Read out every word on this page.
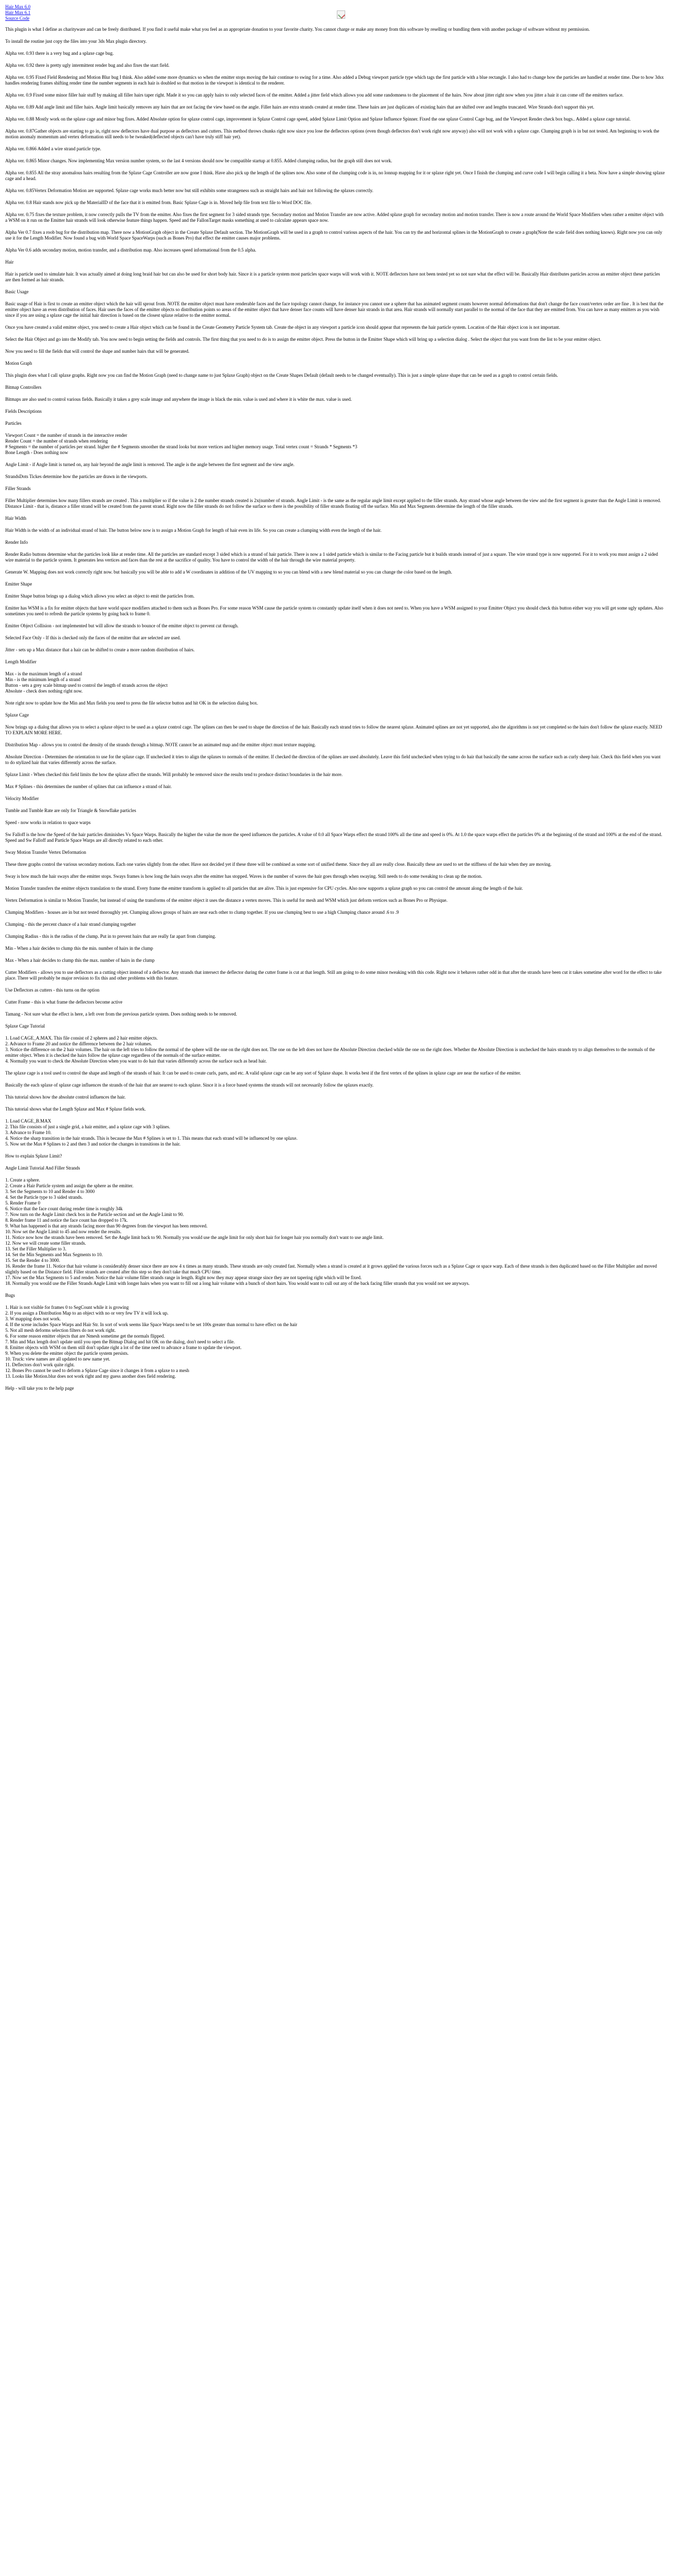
Hair Max 6.0
Hair Max 6.1
Source Code

This plugin is what I define as charityware and can be freely distributed. If you find it useful make what you feel as an appropriate donation to your favorite charity. You cannot charge or make any money from this software by reselling or bundling them with another package of software without my permission.

To install the routine just copy the files into your 3ds Max plugin directory.

Alpha ver. 0.93 there is a very bug and a splaxe cage bug.

Alpha ver. 0.92 there is pretty ugly intermittent render bug and also fixes the start field.

Alpha ver. 0.95 Fixed Field Rendering and Motion Blur bug I think. Also added some more dynamics so when the emitter stops moving the hair continue to swing for a time. Also added a Debug viewport particle type which tags the first particle with a blue rectangle. I also had to change how the particles are handled at render time. Due to how 3dsx handles rendering frames shifting render time the number segments in each hair is doubled so that motion in the viewport is identical to the renderer.

Alpha ver. 0.9 Fixed some minor filler hair stuff by making all filler hairs taper right. Made it so you can apply hairs to only selected faces of the emitter. Added a jitter field which allows you add some randomness to the placement of the hairs. Now about jitter right now when you jitter a hair it can come off the emitters surface.

Alpha ver. 0.89 Add angle limit and filler hairs. Angle limit basically removes any hairs that are not facing the view based on the angle. Filler hairs are extra strands created at render time. These hairs are just duplicates of existing hairs that are shifted over and lengths truncated. Wire Strands don't support this yet.

Alpha ver. 0.88 Mostly work on the splaxe cage and minor bug fixes. Added Absolute option for splaxe control cage, improvement in Splaxe Control cage speed, added Splaxe Limit Option and Splaxe Influence Spinner. Fixed the one splaxe Control Cage bug, and the Viewport Render check box bugs.. Added a splaxe cage tutorial.

Alpha ver. 0.87Gather objects are starting to go in, right now deflectors have dual purpose as deflectors and cutters. This method throws chunks right now since you lose the deflectors options (even though deflectors don't work right now anyway) also will not work with a splaxe cage. Clumping graph is in but not tested. Am beginning to work the motion anomaly momentum and vertex deformation still needs to be tweaked(deflected objects can't have truly stiff hair yet).

Alpha ver. 0.866 Added a wire strand particle type.

Alpha ver. 0.865 Minor changes. Now implementing Max version number system, so the last 4 versions should now be compatible startup at 0.855. Added clumping radius, but the graph still does not work.

Alpha ver. 0.855 All the stray anomalous hairs resulting from the Splaxe Cage Controller are now gone I think. Have also pick up the length of the splines now. Also some of the clumping code is in, no lonnup mapping for it or splaxe right yet. Once I finish the clumping and curve code I will begin calling it a beta. Now have a simple showing splaxe cage and a head.

Alpha ver. 0.85Vertex Deformation Motion are supported. Splaxe cage works much better now but still exhibits some strangeness such as straight hairs and hair not following the splaxes correctly.

Alpha ver. 0.8 Hair stands now pick up the MaterialID of the face that it is emitted from. Basic Splaxe Cage is in. Moved help file from text file to Word DOC file.

Alpha ver. 0.75 fixes the texture problem, it now correctly pulls the TV from the emitter. Also fixes the first segment for 3 sided strands type. Secondary motion and Motion Transfer are now active. Added splaxe graph for secondary motion and motion transfer. There is now a route around the World Space Modifiers when rather a emitter object with a WSM on it run on the Emitter hair strands will look otherwise feature things happen. Speed and the FallonTarget masks something at used to calculate appears space now.

Alpha Ver 0.7 fixes a roob bug for the distribution map. There now a MotionGraph object in the Create Splaxe Default section. The MotionGraph will be used in a graph to control various aspects of the hair. You can try the and horizontal splines in the MotionGraph to create a graph(Note the scale field does nothing knows). Right now you can only use it for the Length Modifier. Now found a bug with World Space SpaceWarps (such as Bones Pro) that effect the emitter causes major problems.

Alpha Ver 0.6 adds secondary motion, motion transfer, and a distribution map. Also increases speed informational from the 0.5 alpha.

Hair

Hair is particle used to simulate hair. It was actually aimed at doing long braid hair but can also be used for short body hair. Since it is a particle system most particles space warps will work with it. NOTE deflectors have not been tested yet so not sure what the effect will be. Basically Hair distributes particles across an emitter object these particles are then formed as hair strands.

Basic Usage

Basic usage of Hair is first to create an emitter object which the hair will sprout from. NOTE the emitter object must have renderable faces and the face topology cannot change, for instance you cannot use a sphere that has animated segment counts however normal deformations that don't change the face count/vertex order are fine . It is best that the emitter object have an even distribution of faces. Hair uses the faces of the emitter objects so distribution points so areas of the emitter object that have denser face counts will have denser hair strands in that area. Hair strands will normally start parallel to the normal of the face that they are emitted from. You can have as many emitters as you wish since if you are using a splaxe cage the initial hair direction is based on the closest splaxe relative to the emitter normal.

Once you have created a valid emitter object, you need to create a Hair object which can be found in the Create Geometry Particle System tab. Create the object in any viewport a particle icon should appear that represents the hair particle system. Location of the Hair object icon is not important.

Select the Hair Object and go into the Modify tab. You now need to begin setting the fields and controls. The first thing that you need to do is to assign the emitter object. Press the button in the Emitter Shape which will bring up a selection dialog . Select the object that you want from the list to be your emitter object.

Now you need to fill the fields that will control the shape and number hairs that will be generated.

Motion Graph

This plugin does what I call splaxe graphs. Right now you can find the Motion Graph (need to change name to just Splaxe Graph) object on the Create Shapes Default (default needs to be changed eventually). This is just a simple splaxe shape that can be used as a graph to control certain fields.

Bitmap Controllers

Bitmaps are also used to control various fields. Basically it takes a grey scale image and anywhere the image is black the min. value is used and where it is white the max. value is used.

Fields Descriptions
Particles

Viewport Count = the number of strands in the interactive render
Render Count = the number of strands when rendering
# Segments = the number of particles per strand. higher the # Segments smoother the strand looks but more vertices and higher memory usage. Total vertex count = Strands * Segments *3
Bone Length - Does nothing now

Angle Limit - if Angle limit is turned on, any hair beyond the angle limit is removed. The angle is the angle between the first segment and the view angle.

StrandsDots Tickes determine how the particles are drawn in the viewports.

Filler Strands

Filler Multiplier determines how many fillers strands are created . This a multiplier so if the value is 2 the number strands created is 2x(number of strands. Angle Limit - is the same as the regular angle limit except applied to the filler strands. Any strand whose angle between the view and the first segment is greater than the Angle Limit is removed. Distance Limit - that is, distance a filler strand will be created from the parent strand. Right now the filler strands do not follow the surface so there is the possibility of filler strands floating off the surface. Min and Max Segments determine the length of the filler strands.

Hair Width

Hair Width is the width of an individual strand of hair. The button below now is to assign a Motion Graph for length of hair even its life. So you can create a clumping width even the length of the hair.

Render Info

Render Radio buttons determine what the particles look like at render time. All the particles are standard except 3 sided which is a strand of hair particle. There is now a 1 sided particle which is similar to the Facing particle but it builds strands instead of just a square. The wire strand type is now supported. For it to work you must assign a 2 sided wire material to the particle system. It generates less vertices and faces than the rest at the sacrifice of quality. You have to control the width of the hair through the wire material property.

Generate W. Mapping does not work correctly right now. but basically you will be able to add a W coordinates in addition of the UV mapping to so you can blend with a new blend material so you can change the color based on the length.

Emitter Shape

Emitter Shape button brings up a dialog which allows you select an object to emit the particles from.

Emitter has WSM is a fix for emitter objects that have world space modifiers attached to them such as Bones Pro. For some reason WSM cause the particle system to constantly update itself when it does not need to. When you have a WSM assigned to your Emitter Object you should check this button either way you will get some ugly updates. Also sometimes you need to refresh the particle systems by going back to frame 0.

Emitter Object Collision - not implemented but will allow the strands to bounce of the emitter object to prevent cut through.

Selected Face Only - If this is checked only the faces of the emitter that are selected are used.

Jitter - sets up a Max distance that a hair can be shifted to create a more random distribution of hairs.

Length Modifier

Max - is the maximum length of a strand
Min - is the minimum length of a strand
Button - sets a grey scale bitmap used to control the length of strands across the object
Absolute - check does nothing right now.

Note right now to update how the Min and Max fields you need to press the file selector button and hit OK in the selection dialog box.

Splaxe Cage

Now brings up a dialog that allows you to select a splaxe object to be used as a splaxe control cage. The splines can then be used to shape the direction of the hair. Basically each strand tries to follow the nearest splaxe. Animated splines are not yet supported, also the algorithms is not yet completed so the hairs don't follow the splaxe exactly. NEED TO EXPLAIN MORE HERE.

Distribution Map - allows you to control the density of the strands through a bitmap. NOTE cannot be an animated map and the emitter object must texture mapping.

Absolute Direction - Determines the orientation to use for the splaxe cage. If unchecked it tries to align the splaxes to normals of the emitter. If checked the direction of the splines are used absolutely. Leave this field unchecked when trying to do hair that basically the same across the surface such as curly sheep hair. Check this field when you want to do stylized hair that varies differently across the surface.

Splaxe Limit - When checked this field limits the how the splaxe affect the strands. Will probably be removed since the results tend to produce distinct boundaries in the hair more.

Max # Splines - this determines the number of splines that can influence a strand of hair.

Velocity Modifier

Tumble and Tumble Rate are only for Triangle & Snowflake particles

Speed - now works in relation to space warps

Sw Falloff is the how the Speed of the hair particles diminishes Vs Space Warps. Basically the higher the value the more the speed influences the particles. A value of 0.0 all Space Warps effect the strand 100% all the time and speed is 0%. At 1.0 the space warps effect the particles 0% at the beginning of the strand and 100% at the end of the strand. Speed and Sw Falloff and Particle Space Warps are all directly related to each other.

Sway Motion Transfer Vertex Deformation

These three graphs control the various secondary motions. Each one varies slightly from the other. Have not decided yet if these three will be combined as some sort of unified theme. Since they all are really close. Basically these are used to set the stiffness of the hair when they are moving.

Sway is how much the hair sways after the emitter stops. Sways frames is how long the hairs sways after the emitter has stopped. Waves is the number of waves the hair goes through when swaying. Still needs to do some tweaking to clean up the motion.

Motion Transfer transfers the emitter objects translation to the strand. Every frame the emitter transform is applied to all particles that are alive. This is just expensive for CPU cycles. Also now supports a splaxe graph so you can control the amount along the length of the hair.

Vertex Deformation is similar to Motion Transfer, but instead of using the transforms of the emitter object it uses the distance a vertex moves. This is useful for mesh and WSM which just deform vertices such as Bones Pro or Physique.

Clumping Modifiers - houses are in but not tested thoroughly yet. Clumping allows groups of hairs are near each other to clump together. If you use clumping best to use a high Clumping chance around .6 to .9

Clumping - this the percent chance of a hair strand clumping together

Clumping Radius - this is the radius of the clump. Put in to prevent hairs that are really far apart from clumping.

Min - When a hair decides to clump this the min. number of hairs in the clump

Max - When a hair decides to clump this the max. number of hairs in the clump

Cutter Modifiers - allows you to use deflectors as a cutting object instead of a deflector. Any strands that intersect the deflector during the cutter frame is cut at that length. Still am going to do some minor tweaking with this code. Right now it behaves rather odd in that after the strands have been cut it takes sometime after word for the effect to take place. There will probably be major revision to fix this and other problems with this feature.

Use Deflectors as cutters - this turns on the option

Cutter Frame - this is what frame the deflectors become active

Tamang - Not sure what the effect is here, a left over from the previous particle system. Does nothing needs to be removed.

Splaxe Cage Tutorial

1. Load CAGE_A.MAX. This file consist of 2 spheres and 2 hair emitter objects.
2. Advance to Frame 20 and notice the difference between the 2 hair volumes.
3. Notice the difference on the 2 hair volumes. The hair on the left tries to follow the normal of the sphere will the one on the right does not. The one on the left does not have the Absolute Direction checked while the one on the right does. Whether the Absolute Direction is unchecked the hairs strands try to align themselves to the normals of the emitter object. When it is checked the hairs follow the splaxe cage regardless of the normals of the surface emitter.
4. Normally you want to check the Absolute Direction when you want to do hair that varies differently across the surface such as head hair.

The splaxe cage is a tool used to control the shape and length of the strands of hair. It can be used to create curls, parts, and etc. A valid splaxe cage can be any sort of Splaxe shape. It works best if the first vertex of the splines in splaxe cage are near the surface of the emitter.

Basically the each splaxe of splaxe cage influences the strands of the hair that are nearest to each splaxe. Since it is a force based systems the strands will not necessarily follow the splaxes exactly.

This tutorial shows how the absolute control influences the hair.

This tutorial shows what the Length Splaxe and Max # Splaxe fields work.

1. Load CAGE_B.MAX
2. This file consists of just a single grid, a hair emitter, and a splaxe cage with 3 splines.
3. Advance to Frame 10.
4. Notice the sharp transition in the hair strands. This is because the Max # Splines is set to 1. This means that each strand will be influenced by one splaxe.
5. Now set the Max # Splines to 2 and then 3 and notice the changes in transitions in the hair.

How to explain Splaxe Limit?
Angle Limit Tutorial And Filler Strands

1. Create a sphere.
2. Create a Hair Particle system and assign the sphere as the emitter.
3. Set the Segments to 10 and Render 4 to 3000
4. Set the Particle type to 3 sided strands.
5. Render Frame 0
6. Notice that the face count during render time is roughly 34k
7. Now turn on the Angle Limit check box in the Particle section and set the Angle Limit to 90.
8. Render frame 11 and notice the face count has dropped to 17k.
9. What has happened is that any strands facing more than 90 degrees from the viewport has been removed.
10. Now set the Angle Limit to 45 and now render the results.
11. Notice now how the strands have been removed. Set the Angle limit back to 90. Normally you would use the angle limit for only short hair for longer hair you normally don't want to use angle limit.
12. Now we will create some filler strands.
13. Set the Filler Multiplier to 3.
14. Set the Min Segments and Max Segments to 10.
15. Set the Render 4 to 3000.
16. Render the frame 11. Notice that hair volume is considerably denser since there are now 4 x times as many strands. These strands are only created fast. Normally when a strand is created at it grows applied the various forces such as a Splaxe Cage or space warp. Each of these strands is then duplicated based on the Filler Multiplier and moved slightly based on the Distance field. Filler strands are created after this step so they don't take that much CPU time.
17. Now set the Max Segments to 5 and render. Notice the hair volume filler strands range in length. Right now they may appear strange since they are not tapering right which will be fixed.
18. Normally you would use the Filler Strands Angle Limit with longer hairs when you want to fill out a long hair volume with a bunch of short hairs. You would want to cull out any of the back facing filler strands that you would not see anyways.

Bugs

1. Hair is not visible for frames 0 to SegCount while it is growing
2. If you assign a Distribution Map to an object with no or very few TV it will lock up.
3. W mapping does not work.
4. If the scene includes Space Warps and Hair Str. In sort of work seems like Space Warps need to be set 100s greater than normal to have effect on the hair
5. Not all mesh deforms selection filters do not work right.
6. For some reason emitter objects that are Nmesh sometime get the normals flipped.
7. Min and Max length don't update until you open the Bitmap Dialog and hit OK on the dialog, don't need to select a file.
8. Emitter objects with WSM on them still don't update right a lot of the time need to advance a frame to update the viewport.
9. When you delete the emitter object the particle system persists.
10. Truck: view names are all updated to new name yet.
11. Deflectors don't work quite right.
12. Bones Pro cannot be used to deform a Splaxe Cage since it changes it from a splaxe to a mesh
13. Looks like Motion.blur does not work right and my guess another does field rendering.

Help - will take you to the help page
